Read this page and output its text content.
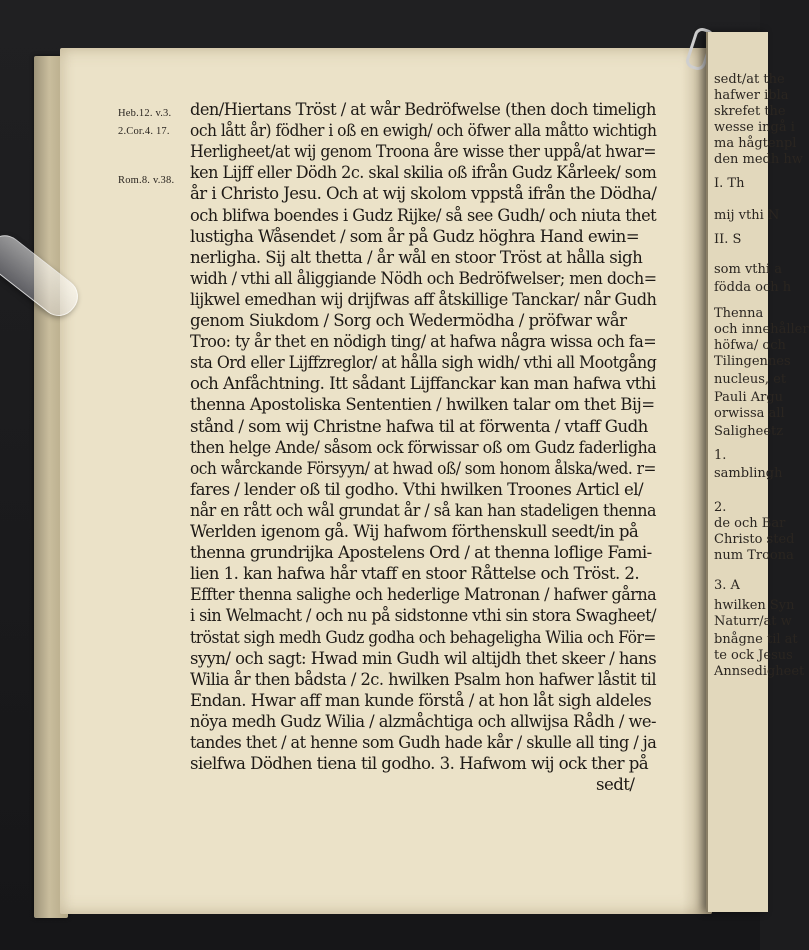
Heb.12. v.3.
2.Cor.4. 17.
Rom.8. v.38.
den/Hiertans Tröst / at wår Bedröfwelse (then doch timeligh
och lått år) födher i oß en ewigh/ och öfwer alla måtto wichtigh
Herligheet/at wij genom Troona åre wisse ther uppå/at hwar=
ken Lijff eller Dödh 2c. skal skilia oß ifrån Gudz Kårleek/ som
år i Christo Jesu. Och at wij skolom vppstå ifrån the Dödha/
och blifwa boendes i Gudz Rijke/ så see Gudh/ och niuta thet
lustigha Wåsendet / som år på Gudz höghra Hand ewin=
nerligha. Sij alt thetta / år wål en stoor Tröst at hålla sigh
widh / vthi all åliggiande Nödh och Bedröfwelser; men doch=
lijkwel emedhan wij drijfwas aff åtskillige Tanckar/ når Gudh
genom Siukdom / Sorg och Wedermödha / pröfwar wår
Troo: ty år thet en nödigh ting/ at hafwa några wissa och fa=
sta Ord eller Lijffzreglor/ at hålla sigh widh/ vthi all Mootgång
och Anfåchtning. Itt sådant Lijffanckar kan man hafwa vthi
thenna Apostoliska Sententien / hwilken talar om thet Bij=
stånd / som wij Christne hafwa til at förwenta / vtaff Gudh
then helge Ande/ såsom ock förwissar oß om Gudz faderligha
och wårckande Försyyn/ at hwad oß/ som honom ålska/wed. r=
fares / lender oß til godho. Vthi hwilken Troones Articl el/
når en rått och wål grundat år / så kan han stadeligen thenna
Werlden igenom gå. Wij hafwom förthenskull seedt/in på
thenna grundrijka Apostelens Ord / at thenna loflige Fami-
lien 1. kan hafwa hår vtaff en stoor Råttelse och Tröst. 2.
Effter thenna salighe och hederlige Matronan / hafwer gårna
i sin Welmacht / och nu på sidstonne vthi sin stora Swagheet/
tröstat sigh medh Gudz godha och behageligha Wilia och För=
syyn/ och sagt: Hwad min Gudh wil altijdh thet skeer / hans
Wilia år then bådsta / 2c. hwilken Psalm hon hafwer låstit til
Endan. Hwar aff man kunde förstå / at hon låt sigh aldeles
nöya medh Gudz Wilia / alzmåchtiga och allwijsa Rådh / we-
tandes thet / at henne som Gudh hade kår / skulle all ting / ja
sielfwa Dödhen tiena til godho. 3. Hafwom wij ock ther på
sedt/
sedt/at the
hafwer ibla
skrefet the
wesse ingå i
ma hågtenpl
den medh hw
I. Th
mij vthi N
II. S
som vthi a
födda och h
Thenna
och innehåller
höfwa/ och
Tilingennes
nucleus, et
Pauli Argu
orwissa all
Saligheetz
1.
samblingh
2.
de och Bar
Christo sted
num Troona
3. A
hwilken Syn
Naturr/at w
bnågne til at
te ock Jesus
Annsedigheet
